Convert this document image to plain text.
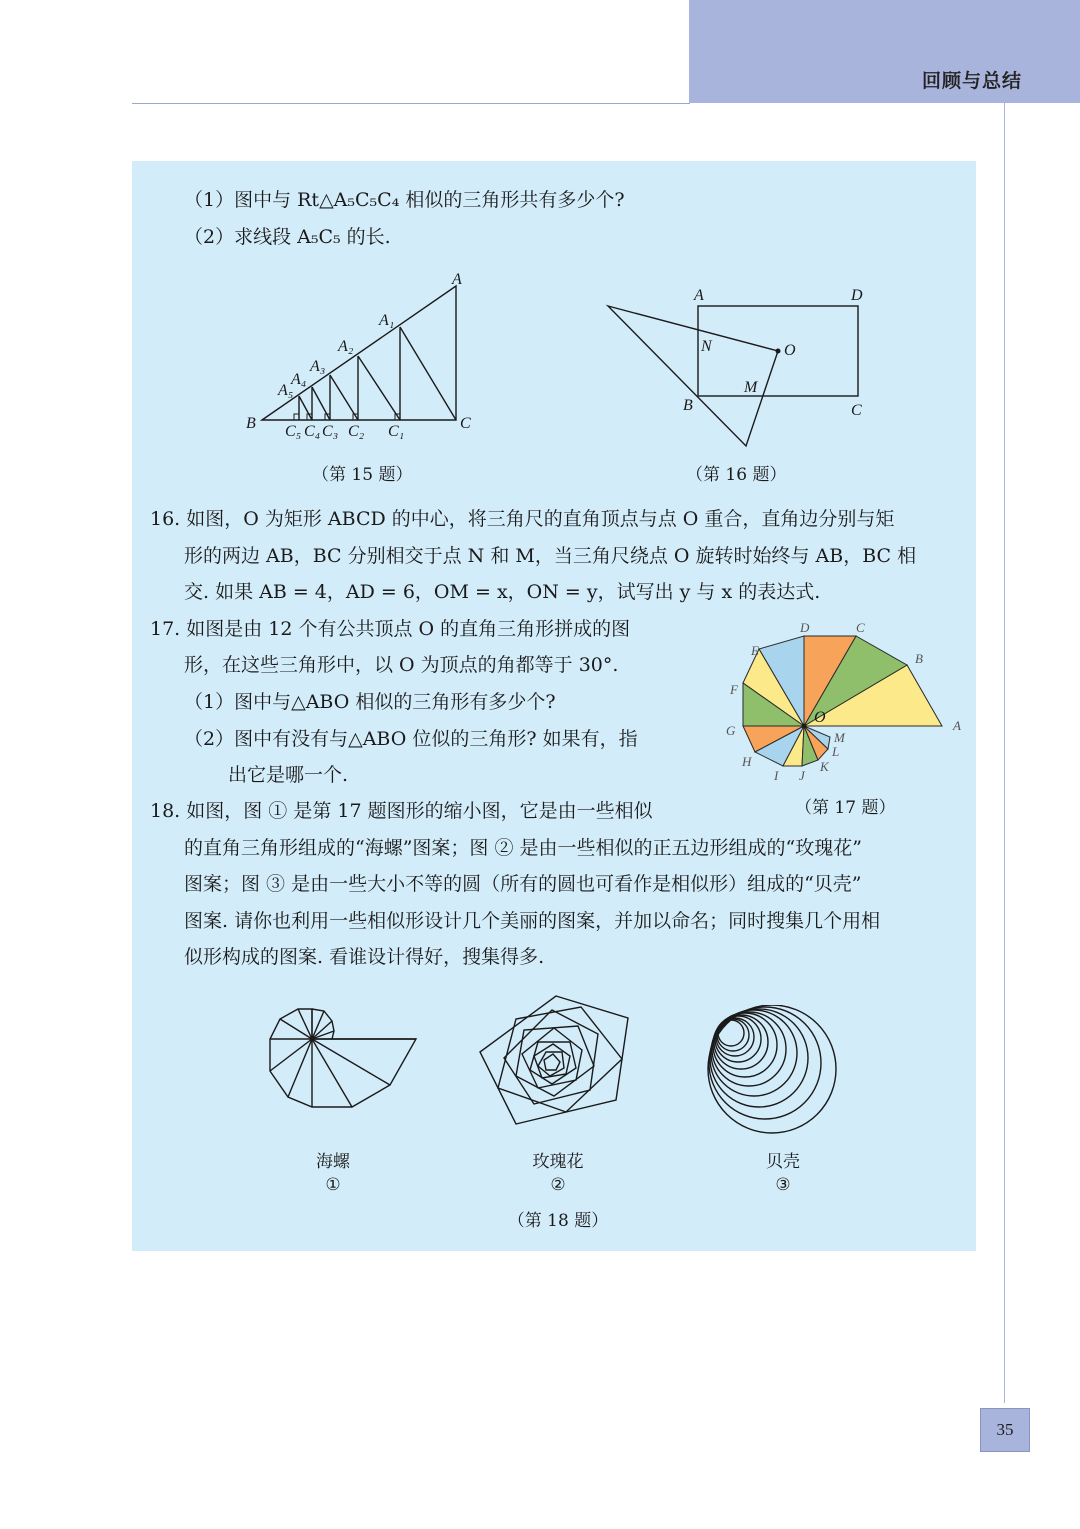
回顾与总结
（1）图中与 Rt△A₅C₅C₄ 相似的三角形共有多少个?
（2）求线段 A₅C₅ 的长.
A
A₁
A₂
A₃
A₄
A₅
B	C
C₁
C₂
C₃
C₄
C₅
（第 15 题）
A	D
N	O
M
B	C
（第 16 题）
16. 如图，O 为矩形 ABCD 的中心，将三角尺的直角顶点与点 O 重合，直角边分别与矩
形的两边 AB，BC 分别相交于点 N 和 M，当三角尺绕点 O 旋转时始终与 AB，BC 相
交. 如果 AB = 4，AD = 6，OM = x，ON = y，试写出 y 与 x 的表达式.
17. 如图是由 12 个有公共顶点 O 的直角三角形拼成的图
形，在这些三角形中，以 O 为顶点的角都等于 30°.
（1）图中与△ABO 相似的三角形有多少个?
（2）图中有没有与△ABO 位似的三角形? 如果有，指
出它是哪一个.
A
B
C
D
E
F
G
H
I J
K
L
M
O
（第 17 题）
18. 如图，图 ① 是第 17 题图形的缩小图，它是由一些相似
的直角三角形组成的“海螺”图案；图 ② 是由一些相似的正五边形组成的“玫瑰花”
图案；图 ③ 是由一些大小不等的圆（所有的圆也可看作是相似形）组成的“贝壳”
图案. 请你也利用一些相似形设计几个美丽的图案，并加以命名；同时搜集几个用相
似形构成的图案. 看谁设计得好，搜集得多.
海螺
①
玫瑰花
②
贝壳
③
（第 18 题）
35
